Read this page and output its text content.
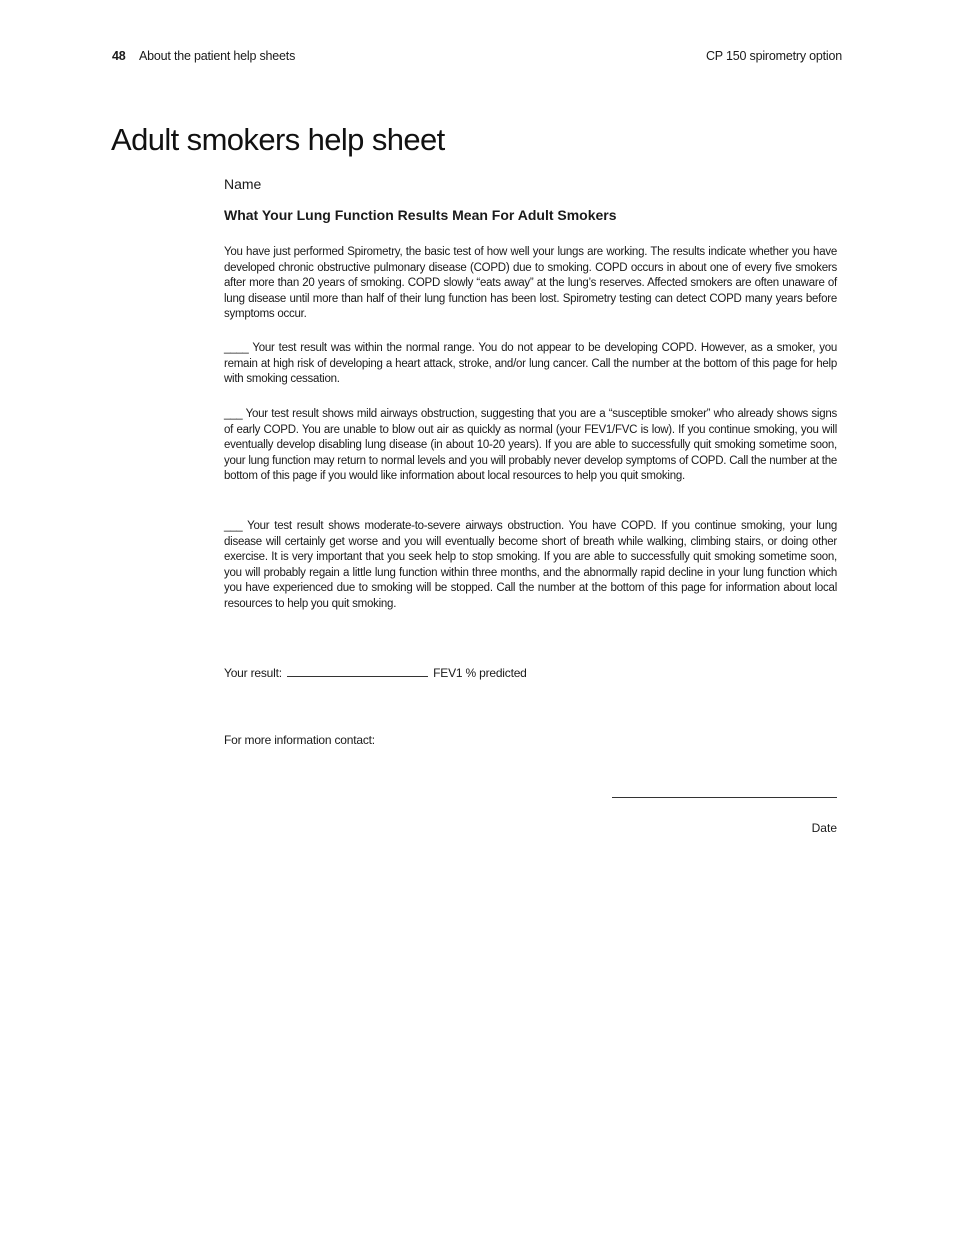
48 About the patient help sheets	CP 150 spirometry option
Adult smokers help sheet
Name
What Your Lung Function Results Mean For Adult Smokers

You have just performed Spirometry, the basic test of how well your lungs are working. The results indicate whether you have developed chronic obstructive pulmonary disease (COPD) due to smoking. COPD occurs in about one of every five smokers after more than 20 years of smoking. COPD slowly “eats away” at the lung’s reserves. Affected smokers are often unaware of lung disease until more than half of their lung function has been lost. Spirometry testing can detect COPD many years before symptoms occur.

____ Your test result was within the normal range. You do not appear to be developing COPD. However, as a smoker, you remain at high risk of developing a heart attack, stroke, and/or lung cancer. Call the number at the bottom of this page for help with smoking cessation.

___ Your test result shows mild airways obstruction, suggesting that you are a “susceptible smoker” who already shows signs of early COPD. You are unable to blow out air as quickly as normal (your FEV1/FVC is low). If you continue smoking, you will eventually develop disabling lung disease (in about 10-20 years). If you are able to successfully quit smoking sometime soon, your lung function may return to normal levels and you will probably never develop symptoms of COPD. Call the number at the bottom of this page if you would like information about local resources to help you quit smoking.

___ Your test result shows moderate-to-severe airways obstruction. You have COPD. If you continue smoking, your lung disease will certainly get worse and you will eventually become short of breath while walking, climbing stairs, or doing other exercise. It is very important that you seek help to stop smoking. If you are able to successfully quit smoking sometime soon, you will probably regain a little lung function within three months, and the abnormally rapid decline in your lung function which you have experienced due to smoking will be stopped. Call the number at the bottom of this page for information about local resources to help you quit smoking.

Your result:	FEV1 % predicted
For more information contact:
Date
